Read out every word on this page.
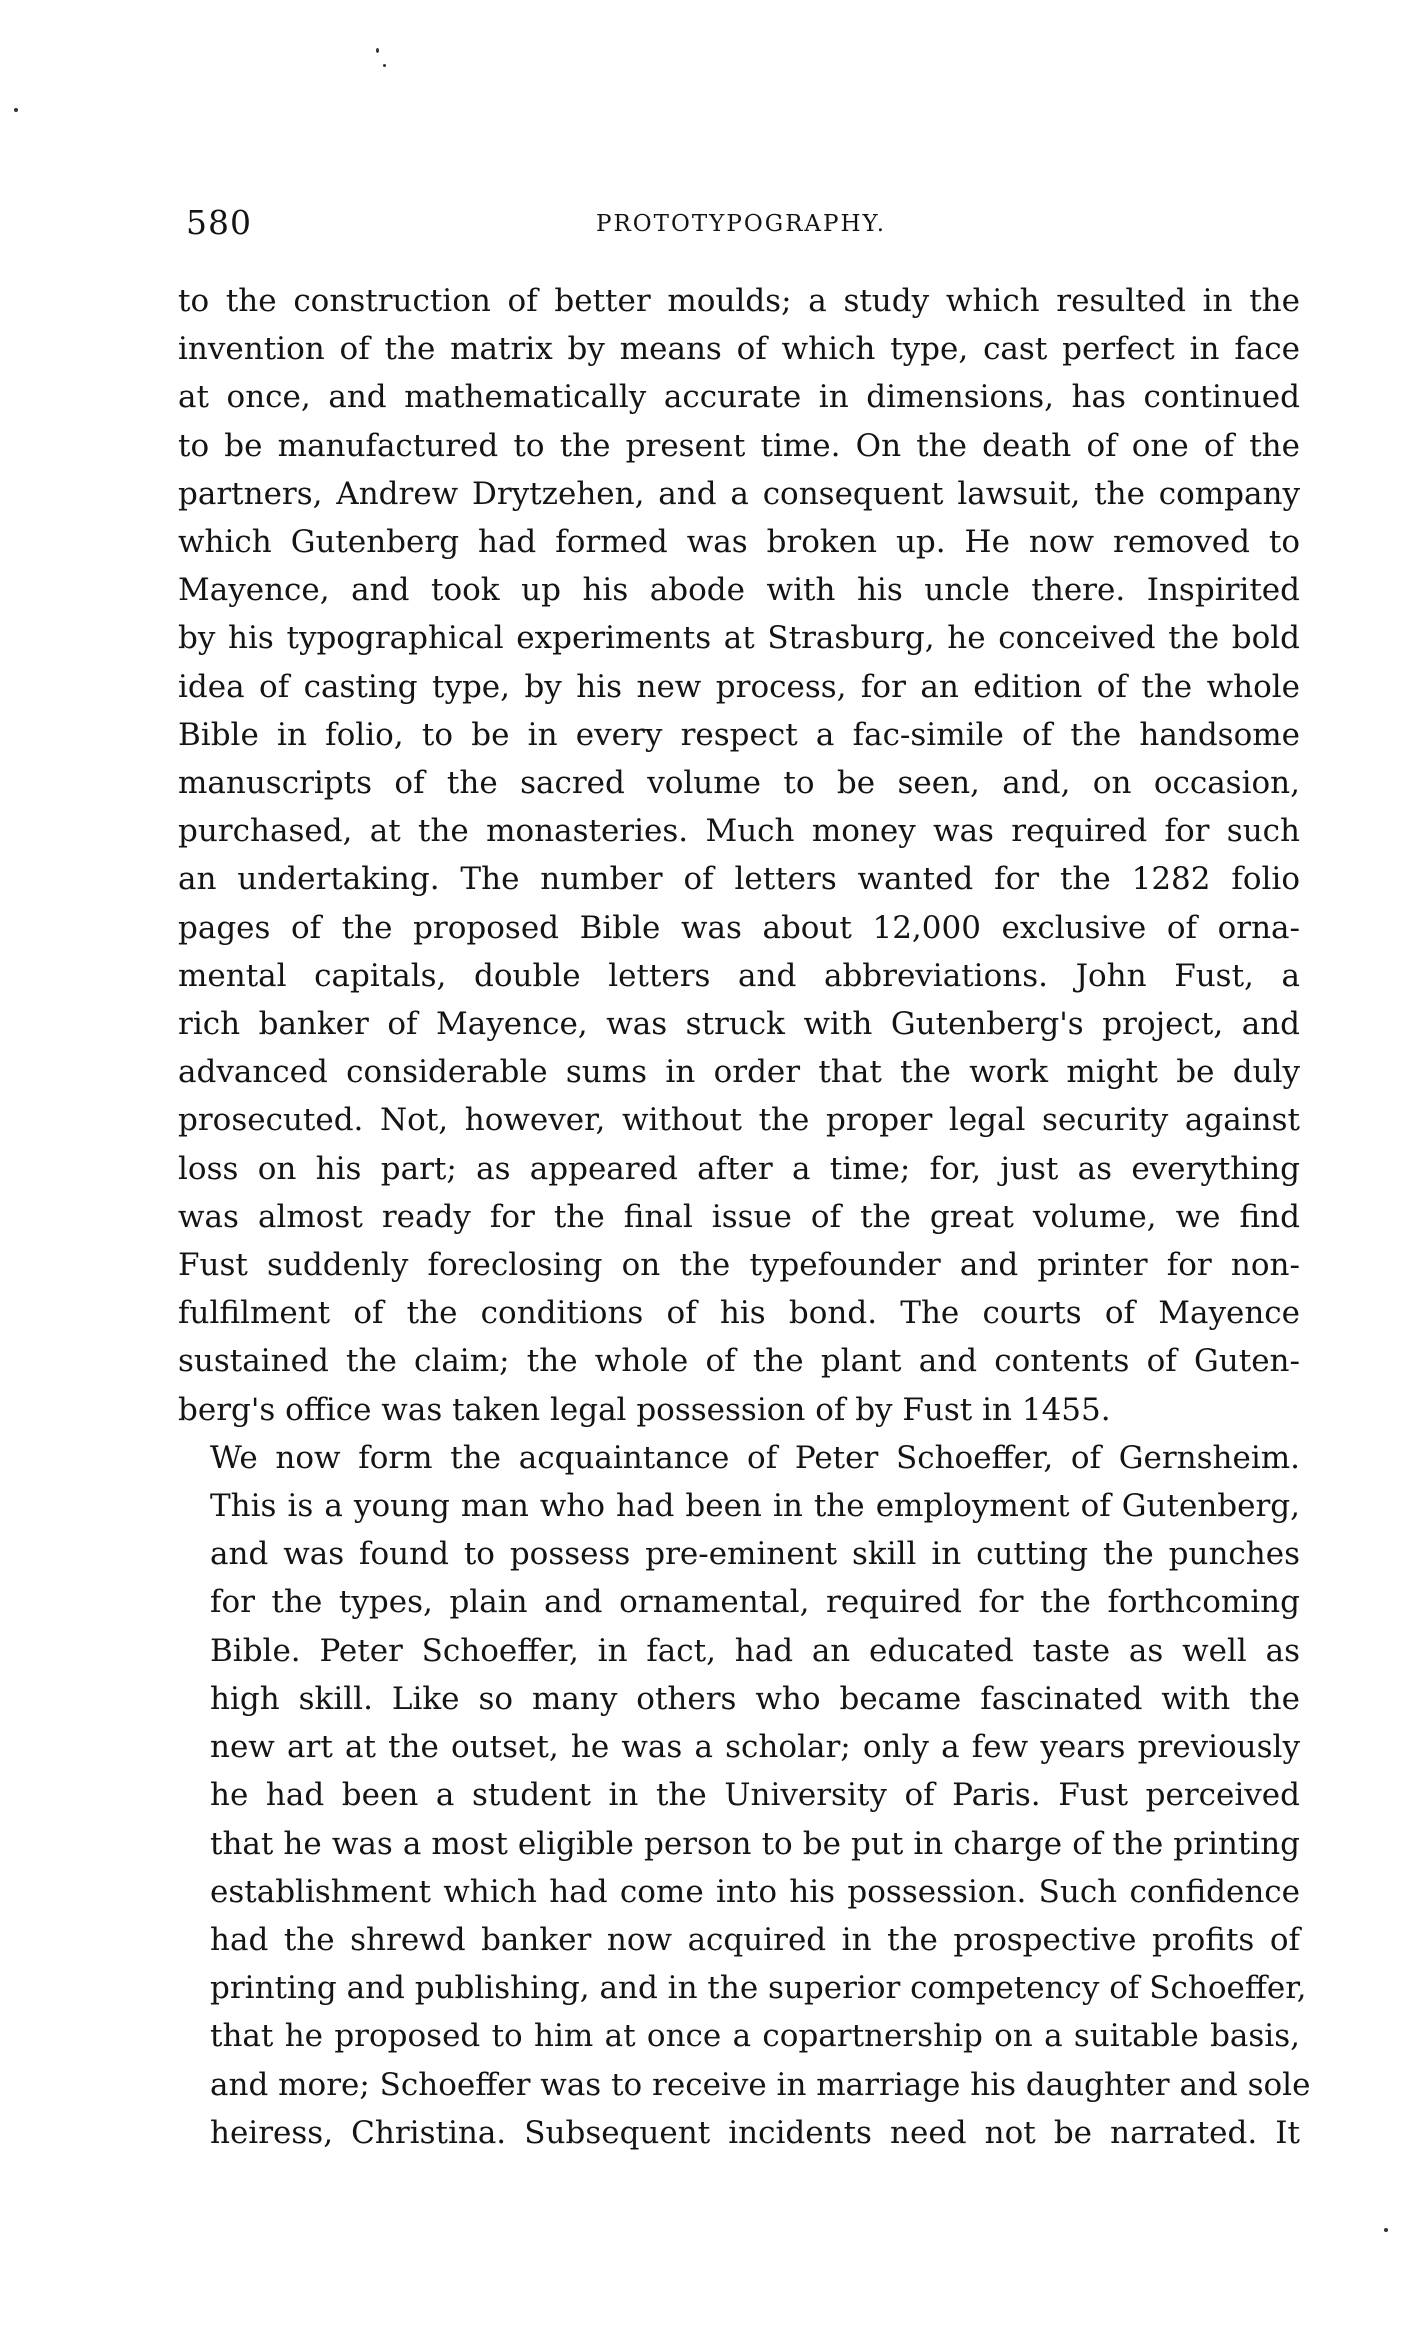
580	PROTOTYPOGRAPHY.
to the construction of better moulds; a study which resulted in the
invention of the matrix by means of which type, cast perfect in face
at once, and mathematically accurate in dimensions, has continued
to be manufactured to the present time. On the death of one of the
partners, Andrew Drytzehen, and a consequent lawsuit, the company
which Gutenberg had formed was broken up. He now removed to
Mayence, and took up his abode with his uncle there. Inspirited
by his typographical experiments at Strasburg, he conceived the bold
idea of casting type, by his new process, for an edition of the whole
Bible in folio, to be in every respect a fac-simile of the handsome
manuscripts of the sacred volume to be seen, and, on occasion,
purchased, at the monasteries. Much money was required for such
an undertaking. The number of letters wanted for the 1282 folio
pages of the proposed Bible was about 12,000 exclusive of orna-
mental capitals, double letters and abbreviations. John Fust, a
rich banker of Mayence, was struck with Gutenberg's project, and
advanced considerable sums in order that the work might be duly
prosecuted. Not, however, without the proper legal security against
loss on his part; as appeared after a time; for, just as everything
was almost ready for the final issue of the great volume, we find
Fust suddenly foreclosing on the typefounder and printer for non-
fulfilment of the conditions of his bond. The courts of Mayence
sustained the claim; the whole of the plant and contents of Guten-
berg's office was taken legal possession of by Fust in 1455.
We now form the acquaintance of Peter Schoeffer, of Gernsheim.
This is a young man who had been in the employment of Gutenberg,
and was found to possess pre-eminent skill in cutting the punches
for the types, plain and ornamental, required for the forthcoming
Bible. Peter Schoeffer, in fact, had an educated taste as well as
high skill. Like so many others who became fascinated with the
new art at the outset, he was a scholar; only a few years previously
he had been a student in the University of Paris. Fust perceived
that he was a most eligible person to be put in charge of the printing
establishment which had come into his possession. Such confidence
had the shrewd banker now acquired in the prospective profits of
printing and publishing, and in the superior competency of Schoeffer,
that he proposed to him at once a copartnership on a suitable basis,
and more; Schoeffer was to receive in marriage his daughter and sole
heiress, Christina. Subsequent incidents need not be narrated. It
